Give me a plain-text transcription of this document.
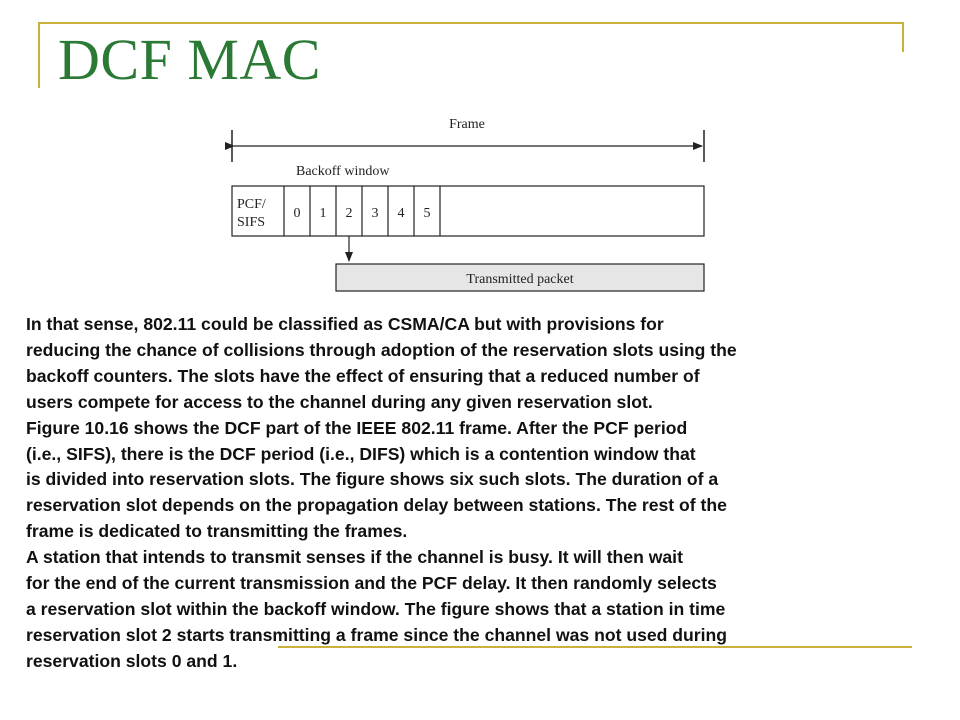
DCF MAC
Frame
Backoff window
PCF/
SIFS
0 1 2 3 4 5
Transmitted packet
In that sense, 802.11 could be classified as CSMA/CA but with provisions for
reducing the chance of collisions through adoption of the reservation slots using the
backoff counters. The slots have the effect of ensuring that a reduced number of
users compete for access to the channel during any given reservation slot.
Figure 10.16 shows the DCF part of the IEEE 802.11 frame. After the PCF period
(i.e., SIFS), there is the DCF period (i.e., DIFS) which is a contention window that
is divided into reservation slots. The figure shows six such slots. The duration of a
reservation slot depends on the propagation delay between stations. The rest of the
frame is dedicated to transmitting the frames.
A station that intends to transmit senses if the channel is busy. It will then wait
for the end of the current transmission and the PCF delay. It then randomly selects
a reservation slot within the backoff window. The figure shows that a station in time
reservation slot 2 starts transmitting a frame since the channel was not used during
reservation slots 0 and 1.
